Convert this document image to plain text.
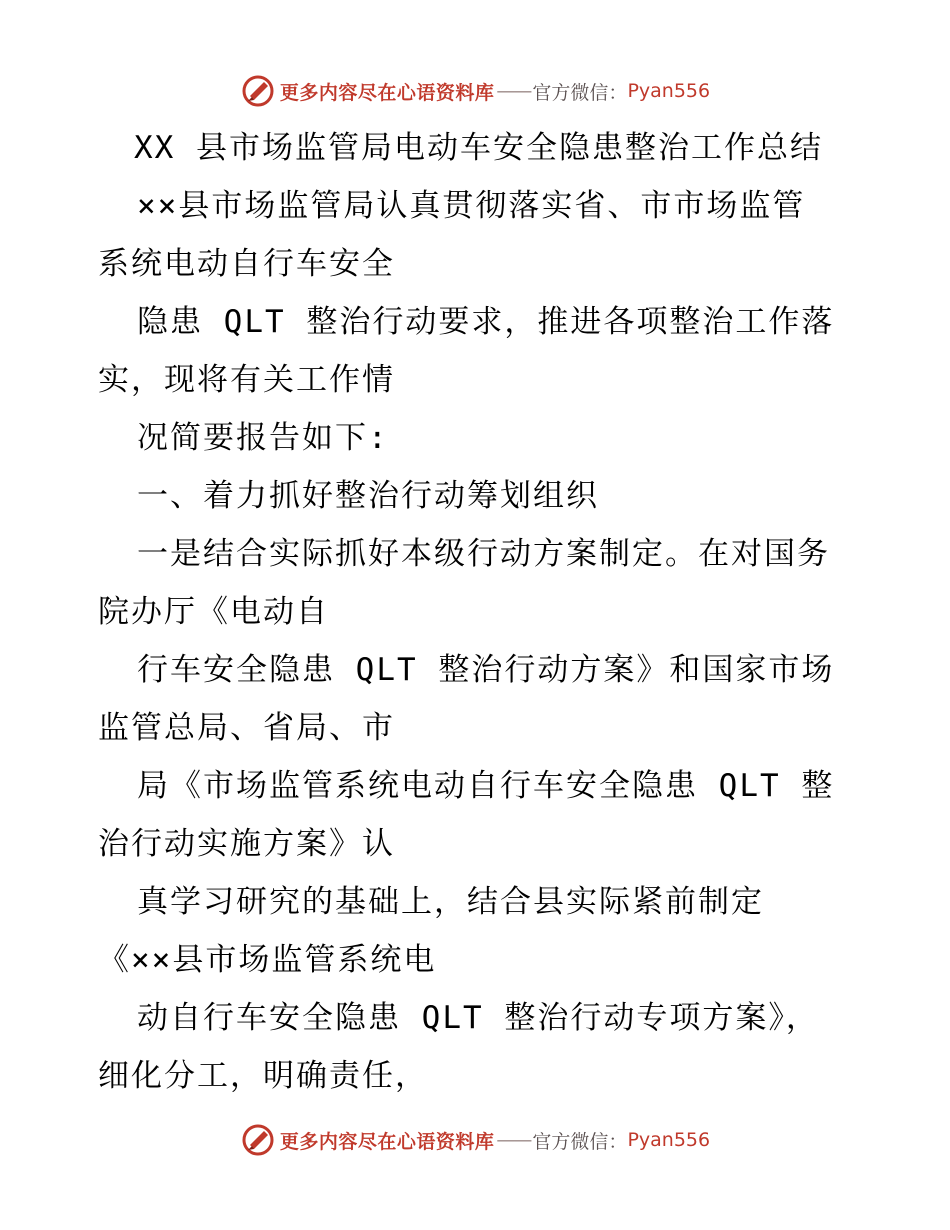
更多内容尽在心语资料库 —— 官方微信： Pyan556
XX 县市场监管局电动车安全隐患整治工作总结
××县市场监管局认真贯彻落实省、市市场监管
系统电动自行车安全
隐患 QLT 整治行动要求，推进各项整治工作落
实，现将有关工作情
况简要报告如下:
一、着力抓好整治行动筹划组织
一是结合实际抓好本级行动方案制定。在对国务
院办厅《电动自
行车安全隐患 QLT 整治行动方案》和国家市场
监管总局、省局、市
局《市场监管系统电动自行车安全隐患 QLT 整
治行动实施方案》认
真学习研究的基础上，结合县实际紧前制定
《××县市场监管系统电
动自行车安全隐患 QLT 整治行动专项方案》，
细化分工，明确责任，
更多内容尽在心语资料库 —— 官方微信： Pyan556
